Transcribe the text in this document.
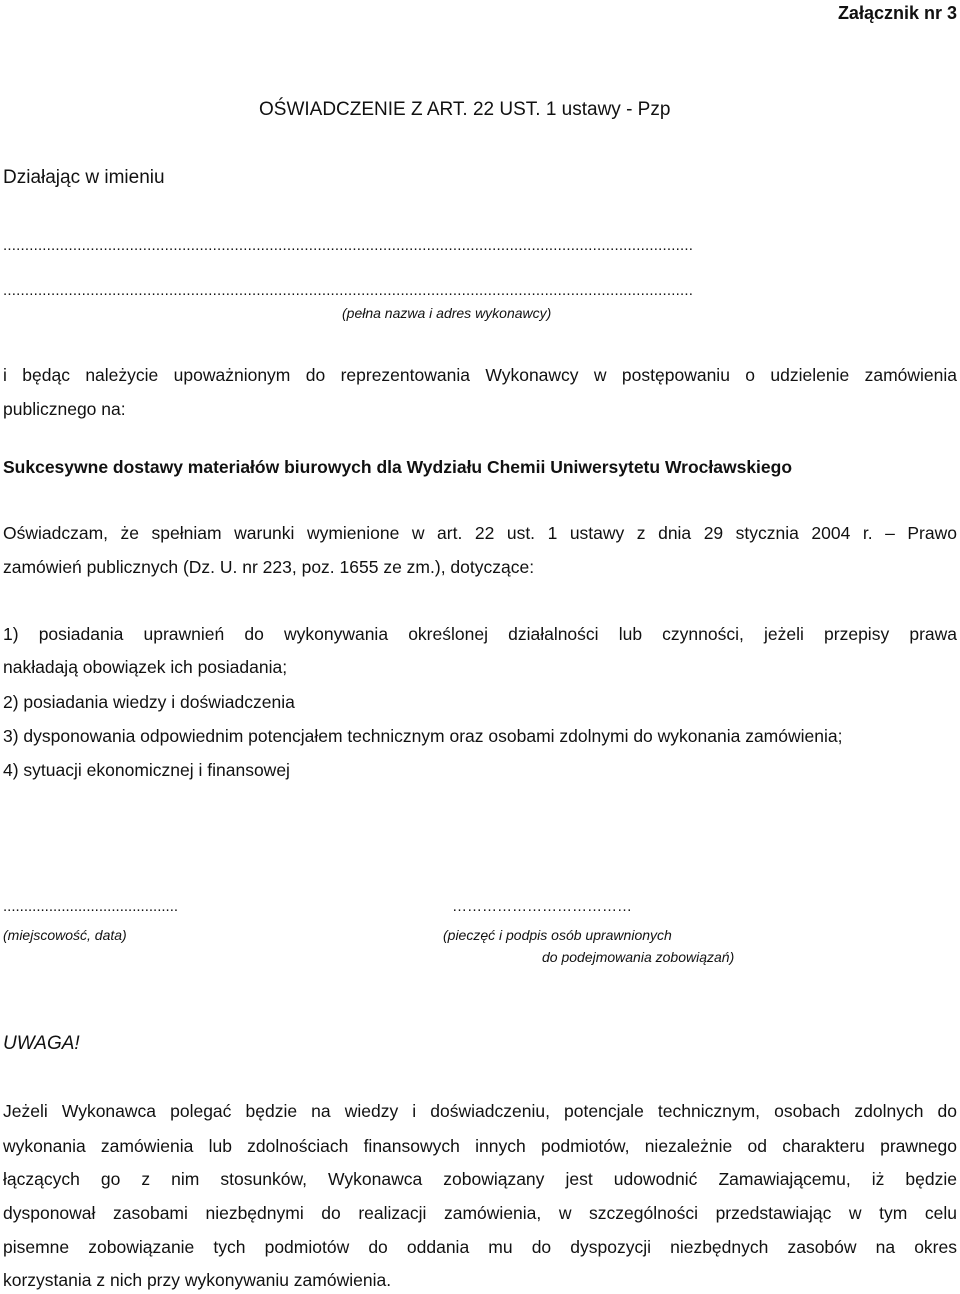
Załącznik nr 3
OŚWIADCZENIE Z ART. 22 UST. 1 ustawy - Pzp
Działając w imieniu
..............................................................................................................................................................
..............................................................................................................................................................
(pełna nazwa i adres wykonawcy)
i będąc należycie upoważnionym do reprezentowania Wykonawcy w postępowaniu o udzielenie zamówienia
publicznego na:
Sukcesywne dostawy materiałów biurowych dla Wydziału Chemii Uniwersytetu Wrocławskiego
Oświadczam, że spełniam warunki wymienione w art. 22 ust. 1 ustawy z dnia 29 stycznia 2004 r. – Prawo
zamówień publicznych (Dz. U. nr 223, poz. 1655 ze zm.), dotyczące:
1) posiadania uprawnień do wykonywania określonej działalności lub czynności, jeżeli przepisy prawa
nakładają obowiązek ich posiadania;
2) posiadania wiedzy i doświadczenia
3) dysponowania odpowiednim potencjałem technicznym oraz osobami zdolnymi do wykonania zamówienia;
4) sytuacji ekonomicznej i finansowej
..........................................	………………………………
(miejscowość, data)	(pieczęć i podpis osób uprawnionych
do podejmowania zobowiązań)
UWAGA!
Jeżeli Wykonawca polegać będzie na wiedzy i doświadczeniu, potencjale technicznym, osobach zdolnych do
wykonania zamówienia lub zdolnościach finansowych innych podmiotów, niezależnie od charakteru prawnego
łączących go z nim stosunków, Wykonawca zobowiązany jest udowodnić Zamawiającemu, iż będzie
dysponował zasobami niezbędnymi do realizacji zamówienia, w szczególności przedstawiając w tym celu
pisemne zobowiązanie tych podmiotów do oddania mu do dyspozycji niezbędnych zasobów na okres
korzystania z nich przy wykonywaniu zamówienia.
